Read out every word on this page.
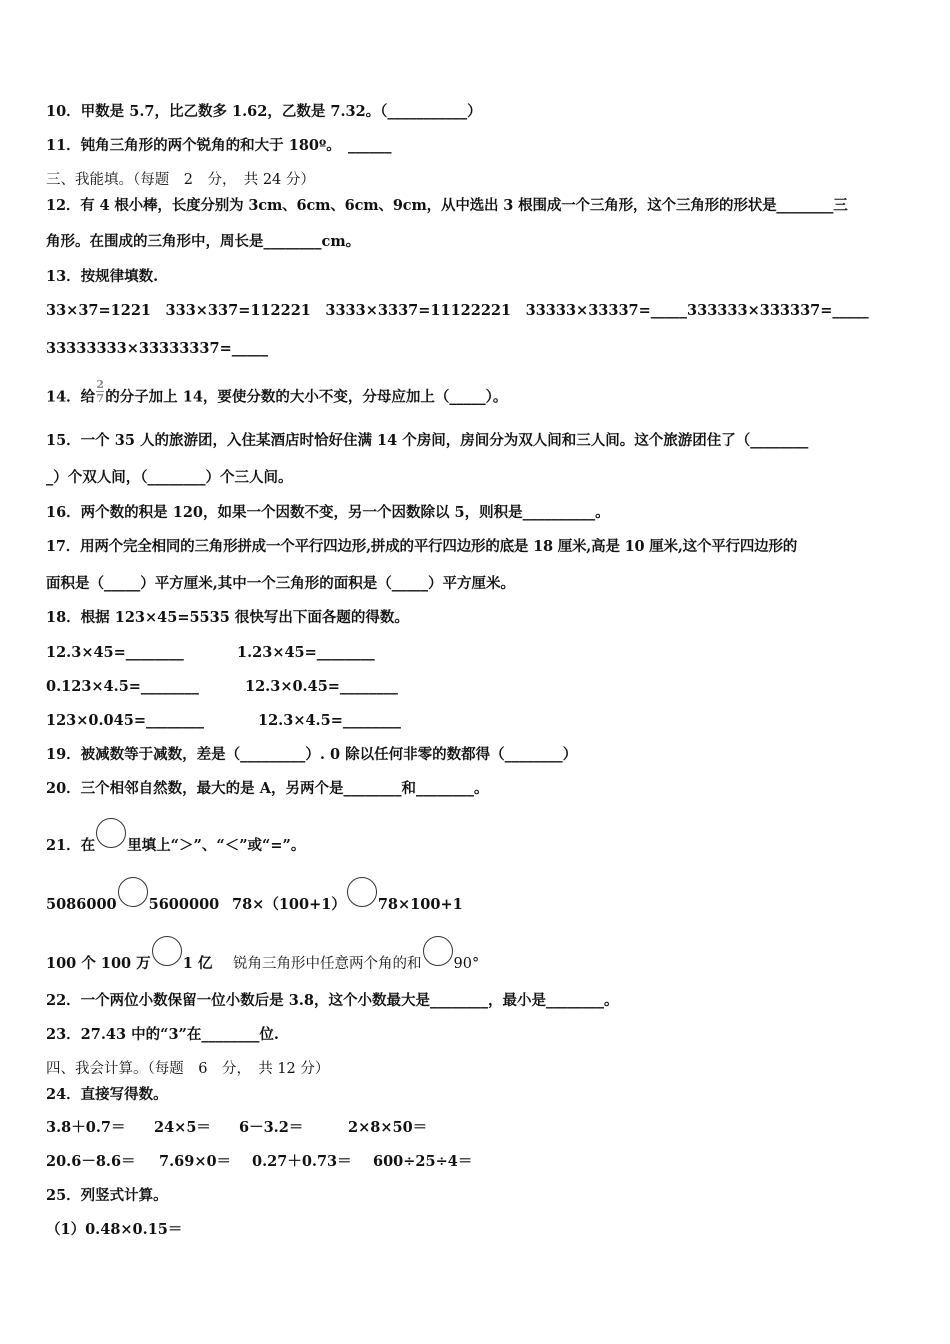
10．甲数是 5.7，比乙数多 1.62，乙数是 7.32。（___________）
11．钝角三角形的两个锐角的和大于 180º。　______
三、我能填。（每题　2　分，　共 24 分）
12．有 4 根小棒，长度分别为 3cm、6cm、6cm、9cm，从中选出 3 根围成一个三角形，这个三角形的形状是________三
角形。在围成的三角形中，周长是________cm。
13．按规律填数.
33×37=1221　333×337=112221　3333×3337=11122221　33333×33337=_____333333×333337=_____
33333333×33333337=_____
14．给$\frac{2}{7}$的分子加上 14，要使分数的大小不变，分母应加上（_____）。
15．一个 35 人的旅游团，入住某酒店时恰好住满 14 个房间，房间分为双人间和三人间。这个旅游团住了（________
_）个双人间，（________）个三人间。
16．两个数的积是 120，如果一个因数不变，另一个因数除以 5，则积是__________。
17．用两个完全相同的三角形拼成一个平行四边形,拼成的平行四边形的底是 18 厘米,高是 10 厘米,这个平行四边形的
面积是（_____）平方厘米,其中一个三角形的面积是（_____）平方厘米。
18．根据 123×45=5535 很快写出下面各题的得数。
12.3×45=________	1.23×45=________
0.123×4.5=________	12.3×0.45=________
123×0.045=________	12.3×4.5=________
19．被减数等于减数，差是（_________）. 0 除以任何非零的数都得（________）
20．三个相邻自然数，最大的是 A，另两个是________和________。
21．在 里填上“＞”、“＜”或“=”。
5086000 5600000 78×（100+1） 78×100+1
100 个 100 万 1 亿 锐角三角形中任意两个角的和 90°
22．一个两位小数保留一位小数后是 3.8，这个小数最大是________，最小是________。
23．27.43 中的“3”在________位.
四、我会计算。（每题　6　分，　共 12 分）
24．直接写得数。
3.8＋0.7＝ 24×5＝ 6－3.2＝	2×8×50＝
20.6－8.6＝ 7.69×0＝ 0.27＋0.73＝ 600÷25÷4＝
25．列竖式计算。
（1）0.48×0.15＝
